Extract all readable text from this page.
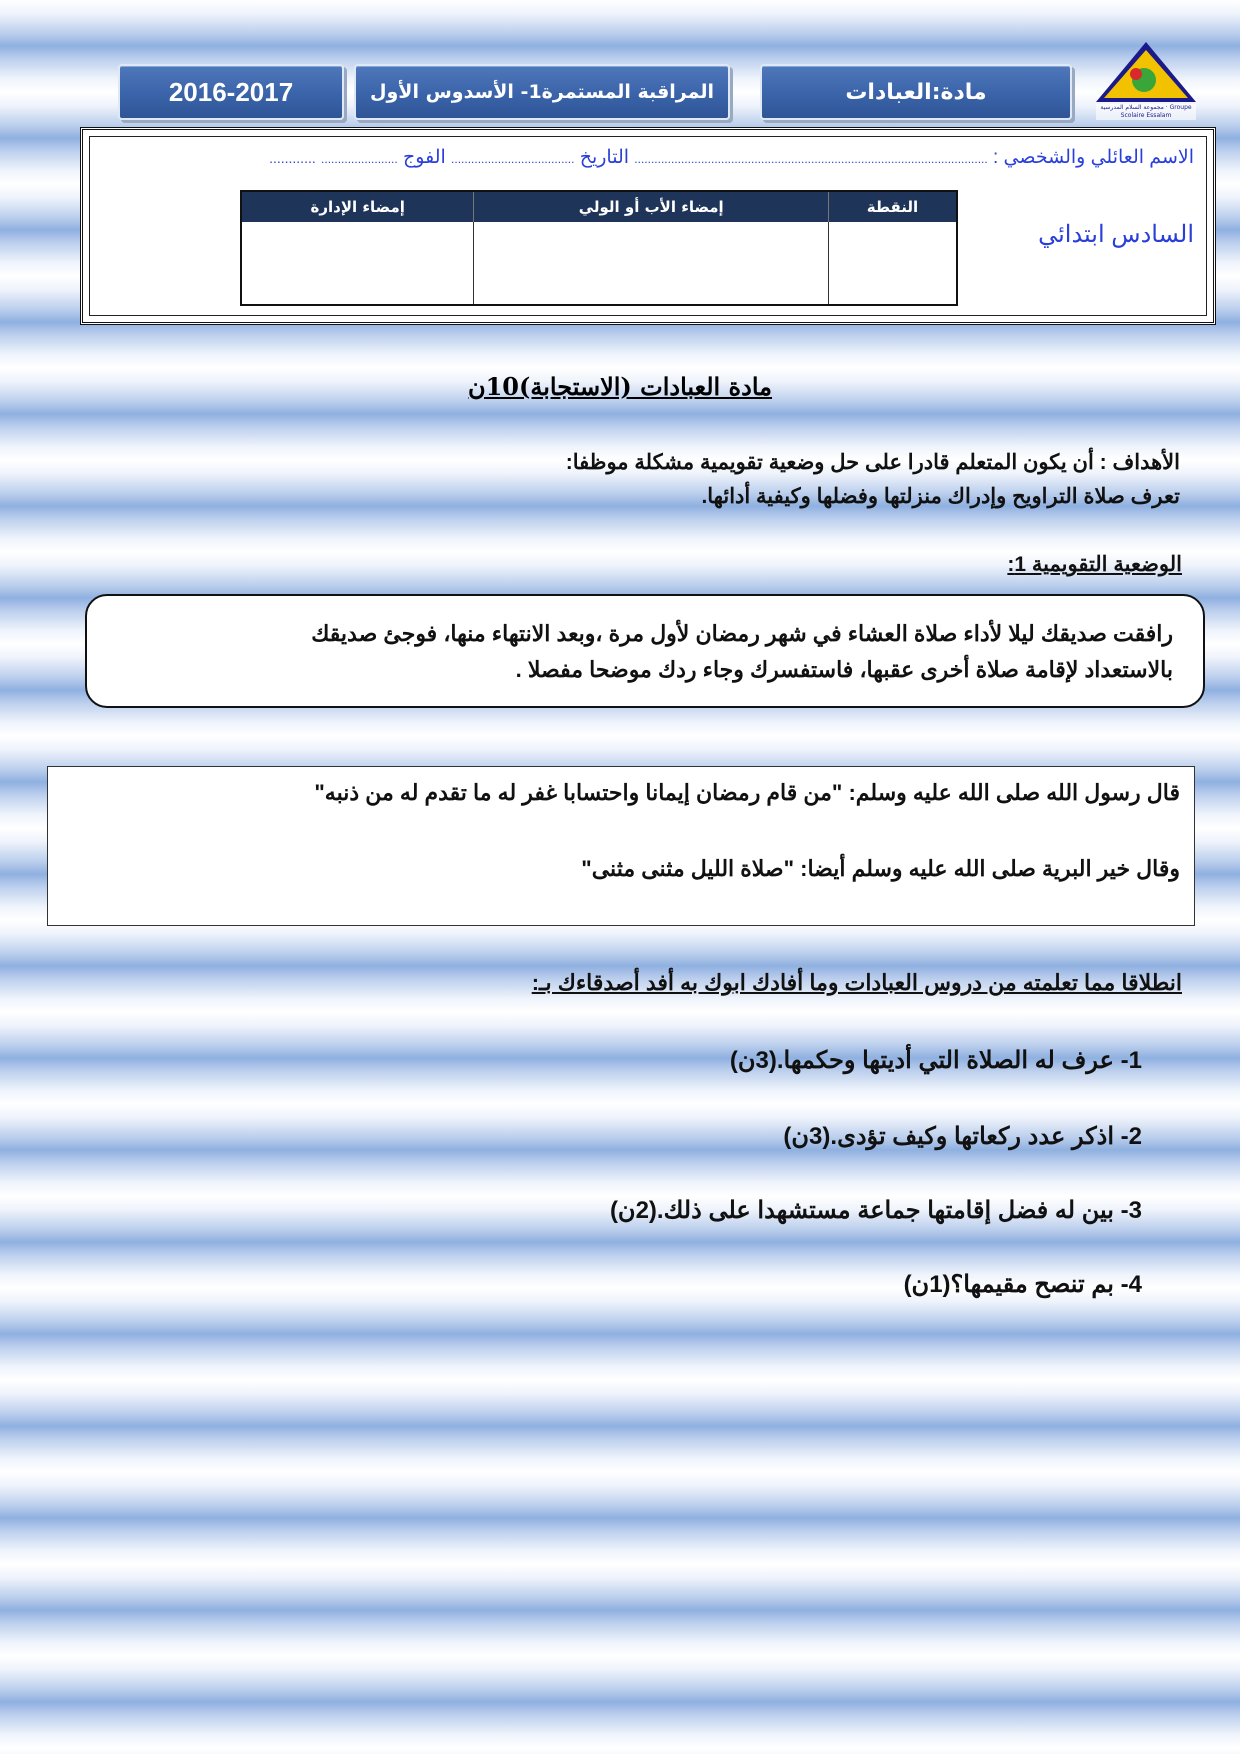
2016-2017	المراقبة المستمرة1- الأسدوس الأول	مادة:العبادات
مجموعة السلام المدرسية · Groupe Scolaire Essalam
الاسم العائلي والشخصي : .......................................................................................................... التاريخ ..................................... الفوج ....................... ............
السادس ابتدائي
النقطة	إمضاء الأب أو الولي	إمضاء الإدارة

مادة العبادات (الاستجابة)10ن
الأهداف : أن يكون المتعلم قادرا على حل وضعية تقويمية مشكلة موظفا:
تعرف صلاة التراويح وإدراك منزلتها وفضلها وكيفية أدائها.
الوضعية التقويمية 1:
رافقت صديقك ليلا لأداء صلاة العشاء في شهر رمضان لأول مرة ،وبعد الانتهاء منها، فوجئ صديقك
بالاستعداد لإقامة صلاة أخرى عقبها، فاستفسرك وجاء ردك موضحا مفصلا .
قال رسول الله صلى الله عليه وسلم: "من قام رمضان إيمانا واحتسابا غفر له ما تقدم له من ذنبه"
وقال خير البرية صلى الله عليه وسلم أيضا: "صلاة الليل مثنى مثنى"
انطلاقا مما تعلمته من دروس العبادات وما أفادك ابوك به أفد أصدقاءك بـ:
1- عرف له الصلاة التي أديتها وحكمها.(3ن)
2- اذكر عدد ركعاتها وكيف تؤدى.(3ن)
3- بين له فضل إقامتها جماعة مستشهدا على ذلك.(2ن)
4- بم تنصح مقيمها؟(1ن)
